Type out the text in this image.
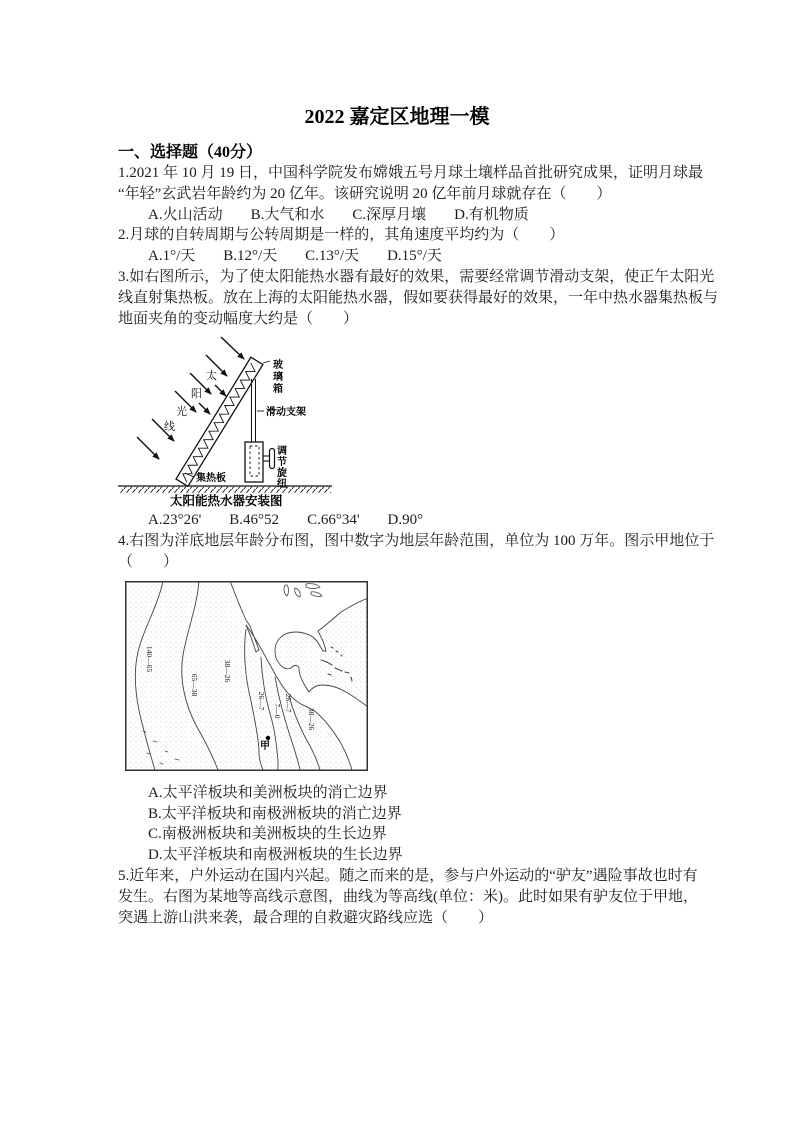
2022 嘉定区地理一模
一、选择题（40分）
1.2021 年 10 月 19 日，中国科学院发布嫦娥五号月球土壤样品首批研究成果，证明月球最
“年轻”玄武岩年龄约为 20 亿年。该研究说明 20 亿年前月球就存在（　　）
A.火山活动 B.大气和水 C.深厚月壤 D.有机物质
2.月球的自转周期与公转周期是一样的，其角速度平均约为（　　）
A.1°/天 B.12°/天 C.13°/天 D.15°/天
3.如右图所示，为了使太阳能热水器有最好的效果，需要经常调节滑动支架，使正午太阳光
线直射集热板。放在上海的太阳能热水器，假如要获得最好的效果，一年中热水器集热板与
地面夹角的变动幅度大约是（　　）
太
阳
光
线
玻
璃
箱
滑动支架
调
节
旋
纽
集热板
太阳能热水器安装图
A.23°26' B.46°52 C.66°34' D.90°
4.右图为洋底地层年龄分布图，图中数字为地层年龄范围，单位为 100 万年。图示甲地位于
（　　）
140—65
65—38
38—26
26—7
7—0 26—7
38—26
甲
A.太平洋板块和美洲板块的消亡边界
B.太平洋板块和南极洲板块的消亡边界
C.南极洲板块和美洲板块的生长边界
D.太平洋板块和南极洲板块的生长边界
5.近年来，户外运动在国内兴起。随之而来的是，参与户外运动的“驴友”遇险事故也时有
发生。右图为某地等高线示意图，曲线为等高线(单位：米)。此时如果有驴友位于甲地，
突遇上游山洪来袭，最合理的自救避灾路线应选（　　）
